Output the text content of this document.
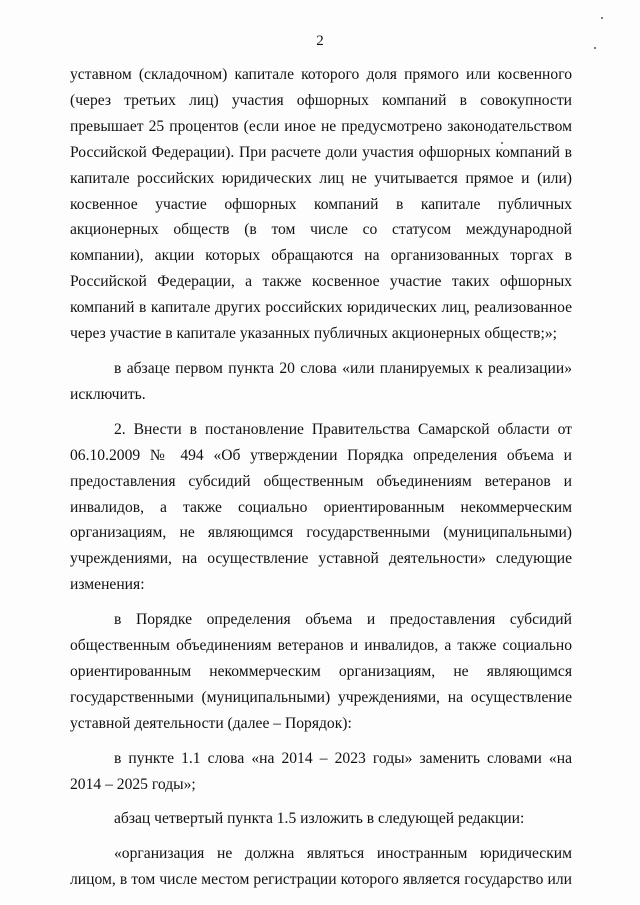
2

уставном (складочном) капитале которого доля прямого или косвенного (через третьих лиц) участия офшорных компаний в совокупности превышает 25 процентов (если иное не предусмотрено законодательством Российской Федерации). При расчете доли участия офшорных компаний в капитале российских юридических лиц не учитывается прямое и (или) косвенное участие офшорных компаний в капитале публичных акционерных обществ (в том числе со статусом международной компании), акции которых обращаются на организованных торгах в Российской Федерации, а также косвенное участие таких офшорных компаний в капитале других российских юридических лиц, реализованное через участие в капитале указанных публичных акционерных обществ;»;

в абзаце первом пункта 20 слова «или планируемых к реализации» исключить.

2. Внести в постановление Правительства Самарской области от 06.10.2009 № 494 «Об утверждении Порядка определения объема и предоставления субсидий общественным объединениям ветеранов и инвалидов, а также социально ориентированным некоммерческим организациям, не являющимся государственными (муниципальными) учреждениями, на осуществление уставной деятельности» следующие изменения:

в Порядке определения объема и предоставления субсидий общественным объединениям ветеранов и инвалидов, а также социально ориентированным некоммерческим организациям, не являющимся государственными (муниципальными) учреждениями, на осуществление уставной деятельности (далее – Порядок):

в пункте 1.1 слова «на 2014 – 2023 годы» заменить словами «на 2014 – 2025 годы»;

абзац четвертый пункта 1.5 изложить в следующей редакции:

«организация не должна являться иностранным юридическим лицом, в том числе местом регистрации которого является государство или
